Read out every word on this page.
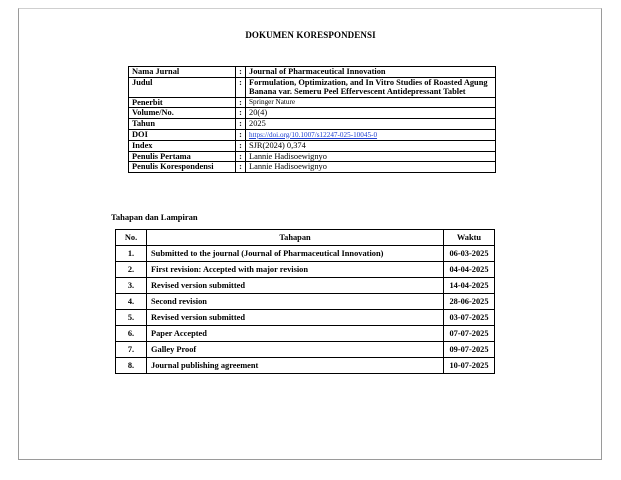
DOKUMEN KORESPONDENSI
Nama Jurnal	:	Journal of Pharmaceutical Innovation
Judul	:	Formulation, Optimization, and In Vitro Studies of Roasted Agung Banana var. Semeru Peel Effervescent Antidepressant Tablet
Penerbit	:	Springer Nature
Volume/No.	:	20(4)
Tahun	:	2025
DOI	:	https://doi.org/10.1007/s12247-025-10045-0
Index	:	SJR(2024) 0,374
Penulis Pertama	:	Lannie Hadisoewignyo
Penulis Korespondensi	:	Lannie Hadisoewignyo
Tahapan dan Lampiran
No.	Tahapan	Waktu
1.	Submitted to the journal (Journal of Pharmaceutical Innovation)	06-03-2025
2.	First revision: Accepted with major revision	04-04-2025
3.	Revised version submitted	14-04-2025
4.	Second revision	28-06-2025
5.	Revised version submitted	03-07-2025
6.	Paper Accepted	07-07-2025
7.	Galley Proof	09-07-2025
8.	Journal publishing agreement	10-07-2025
